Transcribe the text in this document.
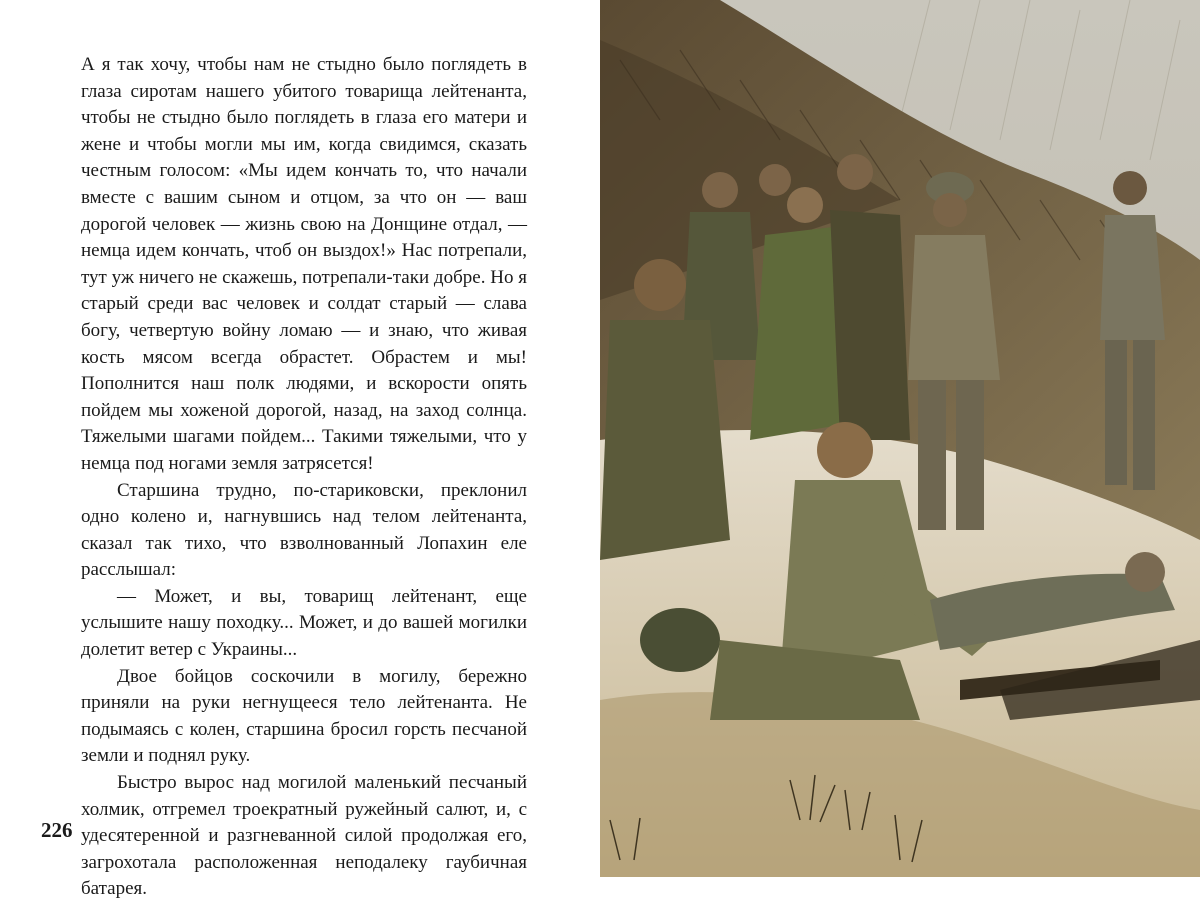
А я так хочу, чтобы нам не стыдно было поглядеть в глаза сиротам нашего убитого товарища лейтенанта, чтобы не стыдно было поглядеть в глаза его матери и жене и чтобы могли мы им, когда свидимся, сказать честным голосом: «Мы идем кончать то, что начали вместе с вашим сыном и отцом, за что он — ваш дорогой человек — жизнь свою на Донщине отдал, — немца идем кончать, чтоб он выздох!» Нас потрепали, тут уж ничего не скажешь, потрепали-таки добре. Но я старый среди вас человек и солдат старый — слава богу, четвертую войну ломаю — и знаю, что живая кость мясом всегда обрастет. Обрастем и мы! Пополнится наш полк людями, и вскорости опять пойдем мы хоженой дорогой, назад, на заход солнца. Тяжелыми шагами пойдем... Такими тяжелыми, что у немца под ногами земля затрясется!

Старшина трудно, по-стариковски, преклонил одно колено и, нагнувшись над телом лейтенанта, сказал так тихо, что взволнованный Лопахин еле расслышал:

— Может, и вы, товарищ лейтенант, еще услышите нашу походку... Может, и до вашей могилки долетит ветер с Украины...

Двое бойцов соскочили в могилу, бережно приняли на руки негнущееся тело лейтенанта. Не подымаясь с колен, старшина бросил горсть песчаной земли и поднял руку.

Быстро вырос над могилой маленький песчаный холмик, отгремел троекратный ружейный салют, и, с удесятеренной и разгневанной силой продолжая его, загрохотала расположенная неподалеку гаубичная батарея.

226
